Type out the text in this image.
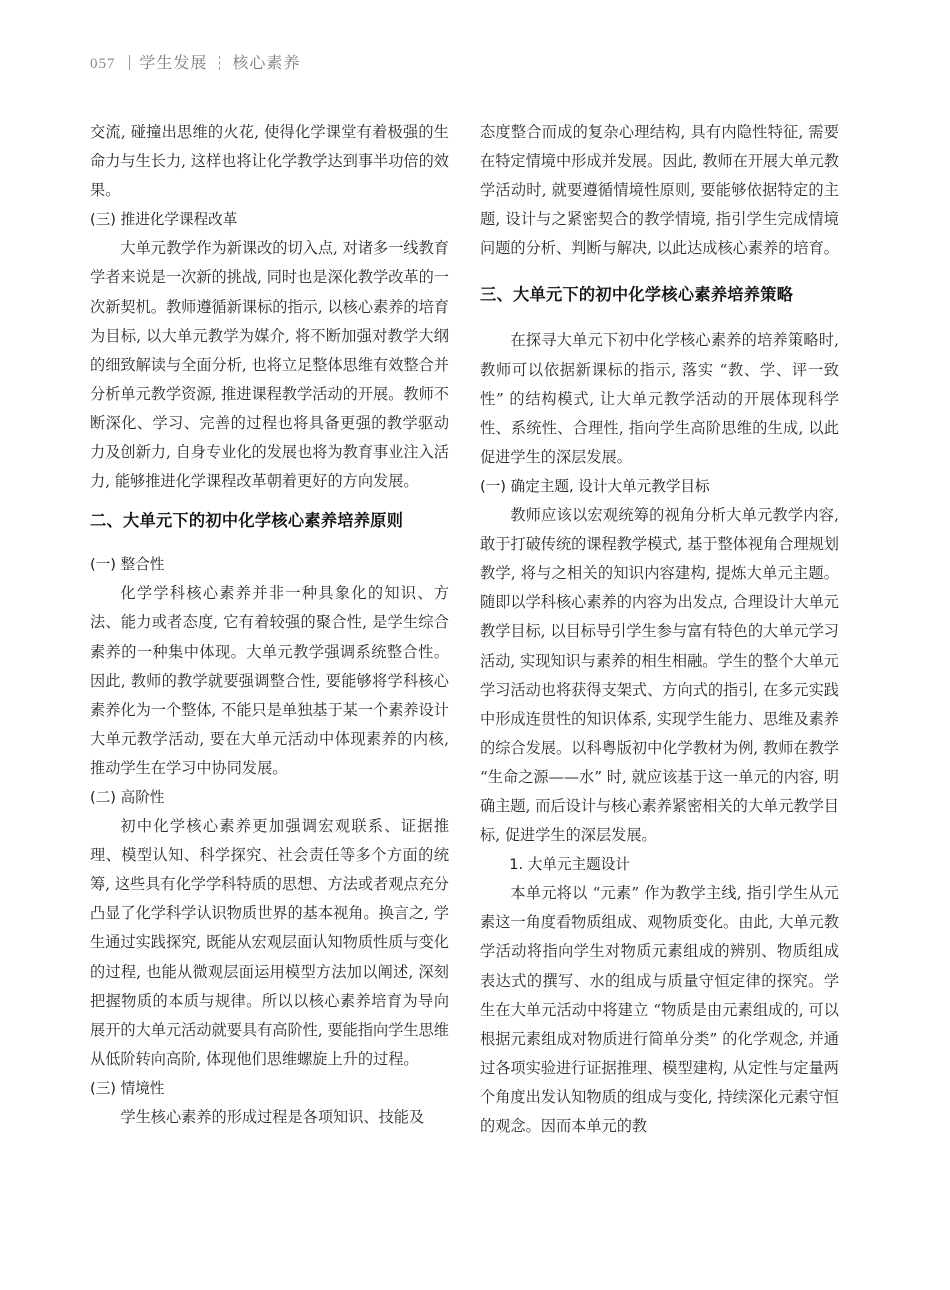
057 学生发展 核心素养

交流, 碰撞出思维的火花, 使得化学课堂有着极强的生命力与生长力, 这样也将让化学教学达到事半功倍的效果。

(三) 推进化学课程改革

大单元教学作为新课改的切入点, 对诸多一线教育学者来说是一次新的挑战, 同时也是深化教学改革的一次新契机。教师遵循新课标的指示, 以核心素养的培育为目标, 以大单元教学为媒介, 将不断加强对教学大纲的细致解读与全面分析, 也将立足整体思维有效整合并分析单元教学资源, 推进课程教学活动的开展。教师不断深化、学习、完善的过程也将具备更强的教学驱动力及创新力, 自身专业化的发展也将为教育事业注入活力, 能够推进化学课程改革朝着更好的方向发展。

二、大单元下的初中化学核心素养培养原则

(一) 整合性

化学学科核心素养并非一种具象化的知识、方法、能力或者态度, 它有着较强的聚合性, 是学生综合素养的一种集中体现。大单元教学强调系统整合性。因此, 教师的教学就要强调整合性, 要能够将学科核心素养化为一个整体, 不能只是单独基于某一个素养设计大单元教学活动, 要在大单元活动中体现素养的内核, 推动学生在学习中协同发展。

(二) 高阶性

初中化学核心素养更加强调宏观联系、证据推理、模型认知、科学探究、社会责任等多个方面的统筹, 这些具有化学学科特质的思想、方法或者观点充分凸显了化学科学认识物质世界的基本视角。换言之, 学生通过实践探究, 既能从宏观层面认知物质性质与变化的过程, 也能从微观层面运用模型方法加以阐述, 深刻把握物质的本质与规律。所以以核心素养培育为导向展开的大单元活动就要具有高阶性, 要能指向学生思维从低阶转向高阶, 体现他们思维螺旋上升的过程。

(三) 情境性

学生核心素养的形成过程是各项知识、技能及

态度整合而成的复杂心理结构, 具有内隐性特征, 需要在特定情境中形成并发展。因此, 教师在开展大单元教学活动时, 就要遵循情境性原则, 要能够依据特定的主题, 设计与之紧密契合的教学情境, 指引学生完成情境问题的分析、判断与解决, 以此达成核心素养的培育。

三、大单元下的初中化学核心素养培养策略

在探寻大单元下初中化学核心素养的培养策略时, 教师可以依据新课标的指示, 落实 “教、学、评一致性” 的结构模式, 让大单元教学活动的开展体现科学性、系统性、合理性, 指向学生高阶思维的生成, 以此促进学生的深层发展。

(一) 确定主题, 设计大单元教学目标

教师应该以宏观统筹的视角分析大单元教学内容, 敢于打破传统的课程教学模式, 基于整体视角合理规划教学, 将与之相关的知识内容建构, 提炼大单元主题。随即以学科核心素养的内容为出发点, 合理设计大单元教学目标, 以目标导引学生参与富有特色的大单元学习活动, 实现知识与素养的相生相融。学生的整个大单元学习活动也将获得支架式、方向式的指引, 在多元实践中形成连贯性的知识体系, 实现学生能力、思维及素养的综合发展。以科粤版初中化学教材为例, 教师在教学 “生命之源——水” 时, 就应该基于这一单元的内容, 明确主题, 而后设计与核心素养紧密相关的大单元教学目标, 促进学生的深层发展。

1. 大单元主题设计

本单元将以 “元素” 作为教学主线, 指引学生从元素这一角度看物质组成、观物质变化。由此, 大单元教学活动将指向学生对物质元素组成的辨别、物质组成表达式的撰写、水的组成与质量守恒定律的探究。学生在大单元活动中将建立 “物质是由元素组成的, 可以根据元素组成对物质进行简单分类” 的化学观念, 并通过各项实验进行证据推理、模型建构, 从定性与定量两个角度出发认知物质的组成与变化, 持续深化元素守恒的观念。因而本单元的教
